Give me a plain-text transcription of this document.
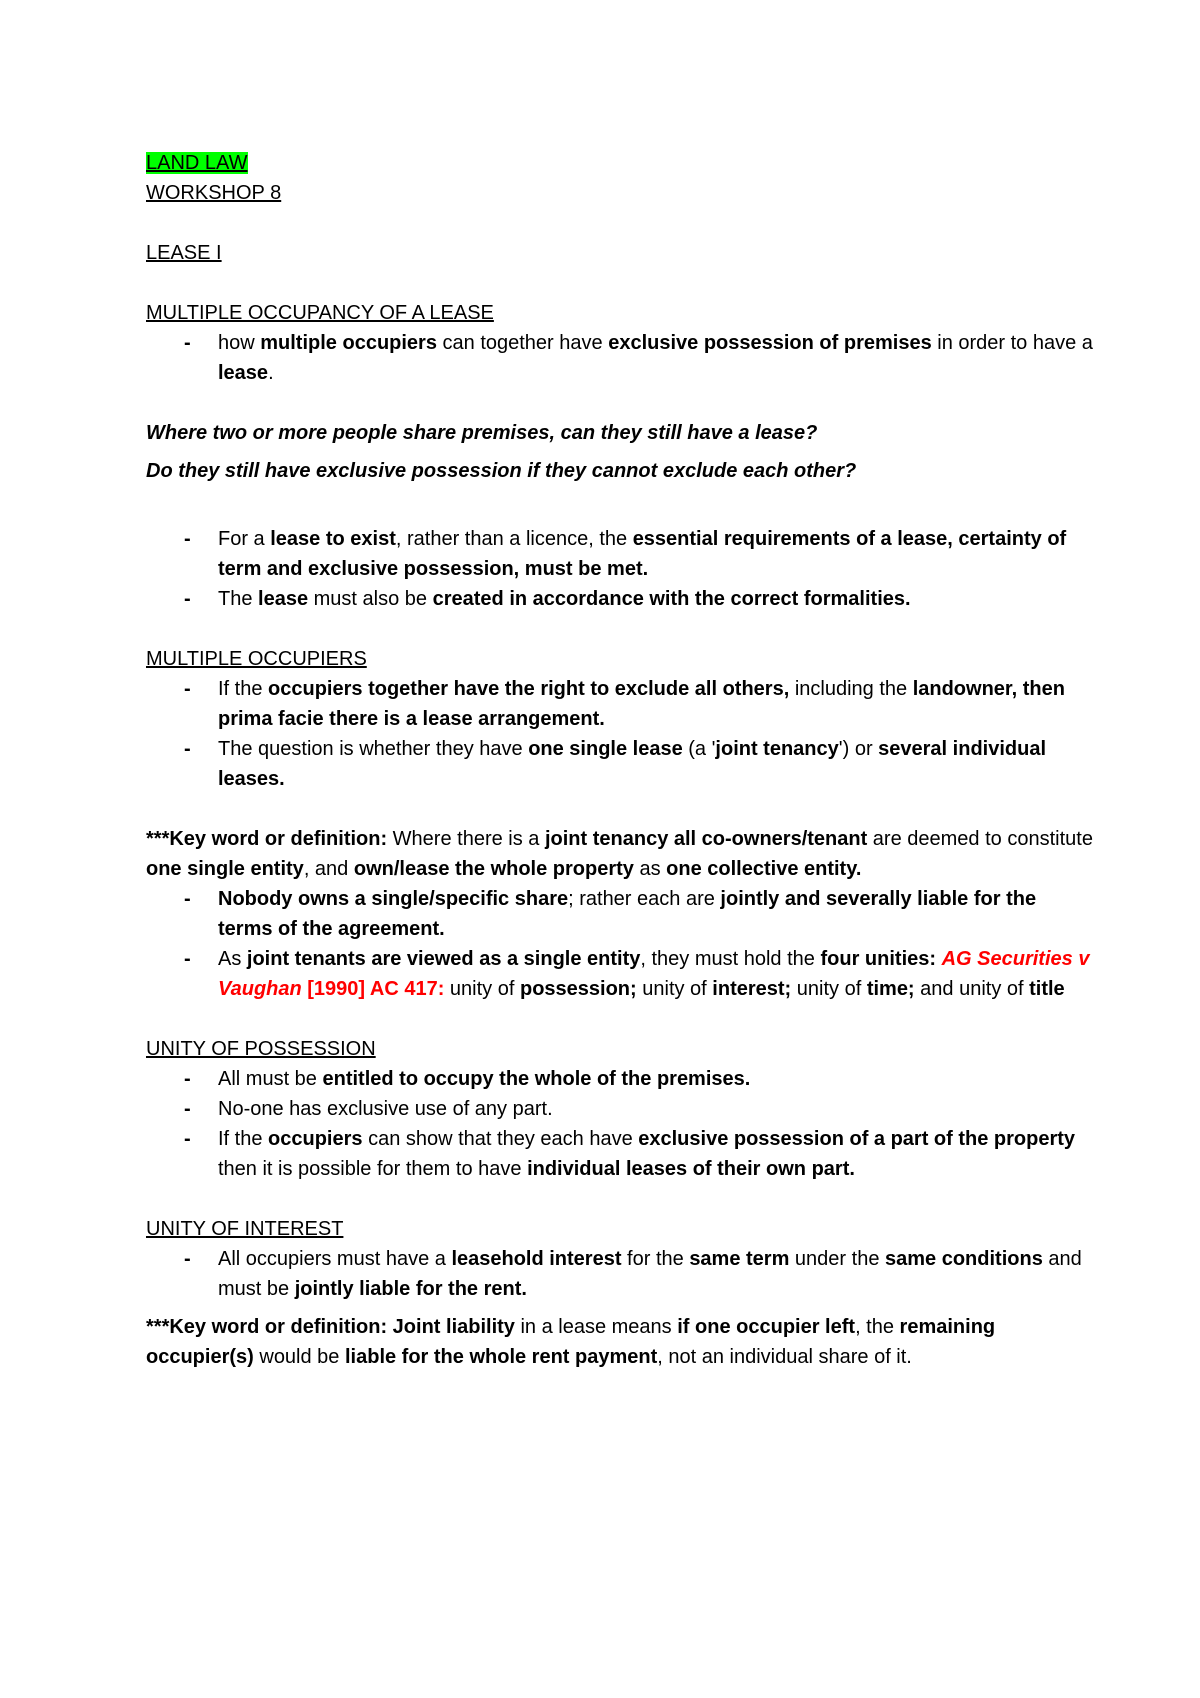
LAND LAW
WORKSHOP 8
LEASE I
MULTIPLE OCCUPANCY OF A LEASE
- how multiple occupiers can together have exclusive possession of premises in order to have a lease.

Where two or more people share premises, can they still have a lease?

Do they still have exclusive possession if they cannot exclude each other?

- For a lease to exist, rather than a licence, the essential requirements of a lease, certainty of term and exclusive possession, must be met.
- The lease must also be created in accordance with the correct formalities.
MULTIPLE OCCUPIERS
- If the occupiers together have the right to exclude all others, including the landowner, then prima facie there is a lease arrangement.
- The question is whether they have one single lease (a 'joint tenancy') or several individual leases.

***Key word or definition: Where there is a joint tenancy all co-owners/tenant are deemed to constitute one single entity, and own/lease the whole property as one collective entity.

- Nobody owns a single/specific share; rather each are jointly and severally liable for the terms of the agreement.
- As joint tenants are viewed as a single entity, they must hold the four unities: AG Securities v Vaughan [1990] AC 417: unity of possession; unity of interest; unity of time; and unity of title
UNITY OF POSSESSION
- All must be entitled to occupy the whole of the premises.
- No-one has exclusive use of any part.
- If the occupiers can show that they each have exclusive possession of a part of the property then it is possible for them to have individual leases of their own part.
UNITY OF INTEREST
- All occupiers must have a leasehold interest for the same term under the same conditions and must be jointly liable for the rent.

***Key word or definition: Joint liability in a lease means if one occupier left, the remaining occupier(s) would be liable for the whole rent payment, not an individual share of it.
